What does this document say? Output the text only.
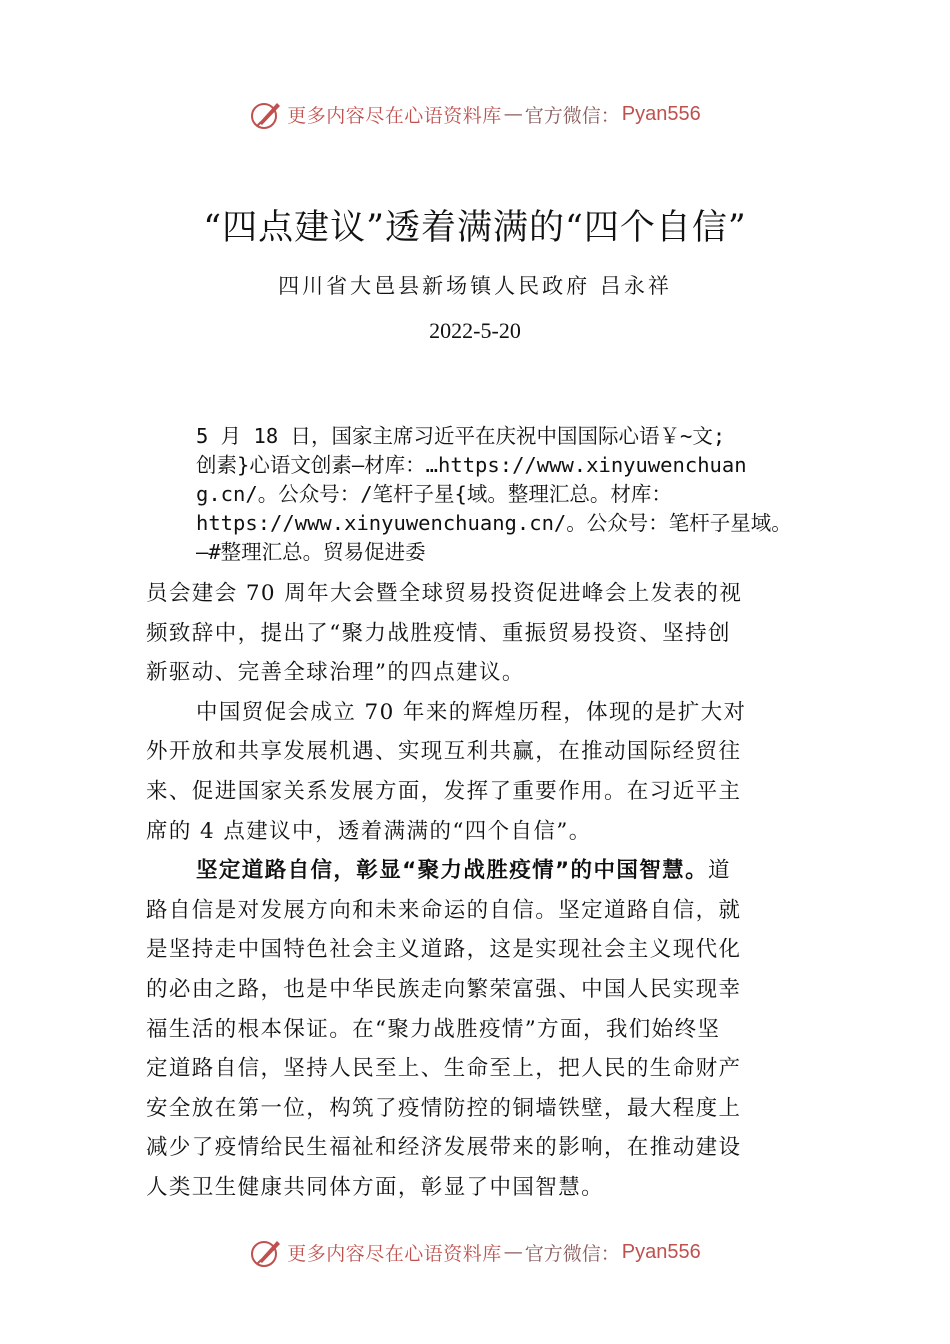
更多内容尽在心语资料库 — 官方微信： Pyan556
“四点建议”透着满满的“四个自信”
四川省大邑县新场镇人民政府 吕永祥
2022-5-20
5 月 18 日，国家主席习近平在庆祝中国国际心语￥~文;
创素}心语文创素—材库：…https://www.xinyuwenchuan
g.cn/。公众号：/笔杆子星{域。整理汇总。材库：
https://www.xinyuwenchuang.cn/。公众号：笔杆子星域。
—#整理汇总。贸易促进委

员会建会 70 周年大会暨全球贸易投资促进峰会上发表的视
频致辞中，提出了“聚力战胜疫情、重振贸易投资、坚持创
新驱动、完善全球治理”的四点建议。

中国贸促会成立 70 年来的辉煌历程，体现的是扩大对
外开放和共享发展机遇、实现互利共赢，在推动国际经贸往
来、促进国家关系发展方面，发挥了重要作用。在习近平主
席的 4 点建议中，透着满满的“四个自信”。

坚定道路自信，彰显“聚力战胜疫情”的中国智慧。道
路自信是对发展方向和未来命运的自信。坚定道路自信，就
是坚持走中国特色社会主义道路，这是实现社会主义现代化
的必由之路，也是中华民族走向繁荣富强、中国人民实现幸
福生活的根本保证。在“聚力战胜疫情”方面，我们始终坚
定道路自信，坚持人民至上、生命至上，把人民的生命财产
安全放在第一位，构筑了疫情防控的铜墙铁壁，最大程度上
减少了疫情给民生福祉和经济发展带来的影响，在推动建设
人类卫生健康共同体方面，彰显了中国智慧。

更多内容尽在心语资料库 — 官方微信： Pyan556
